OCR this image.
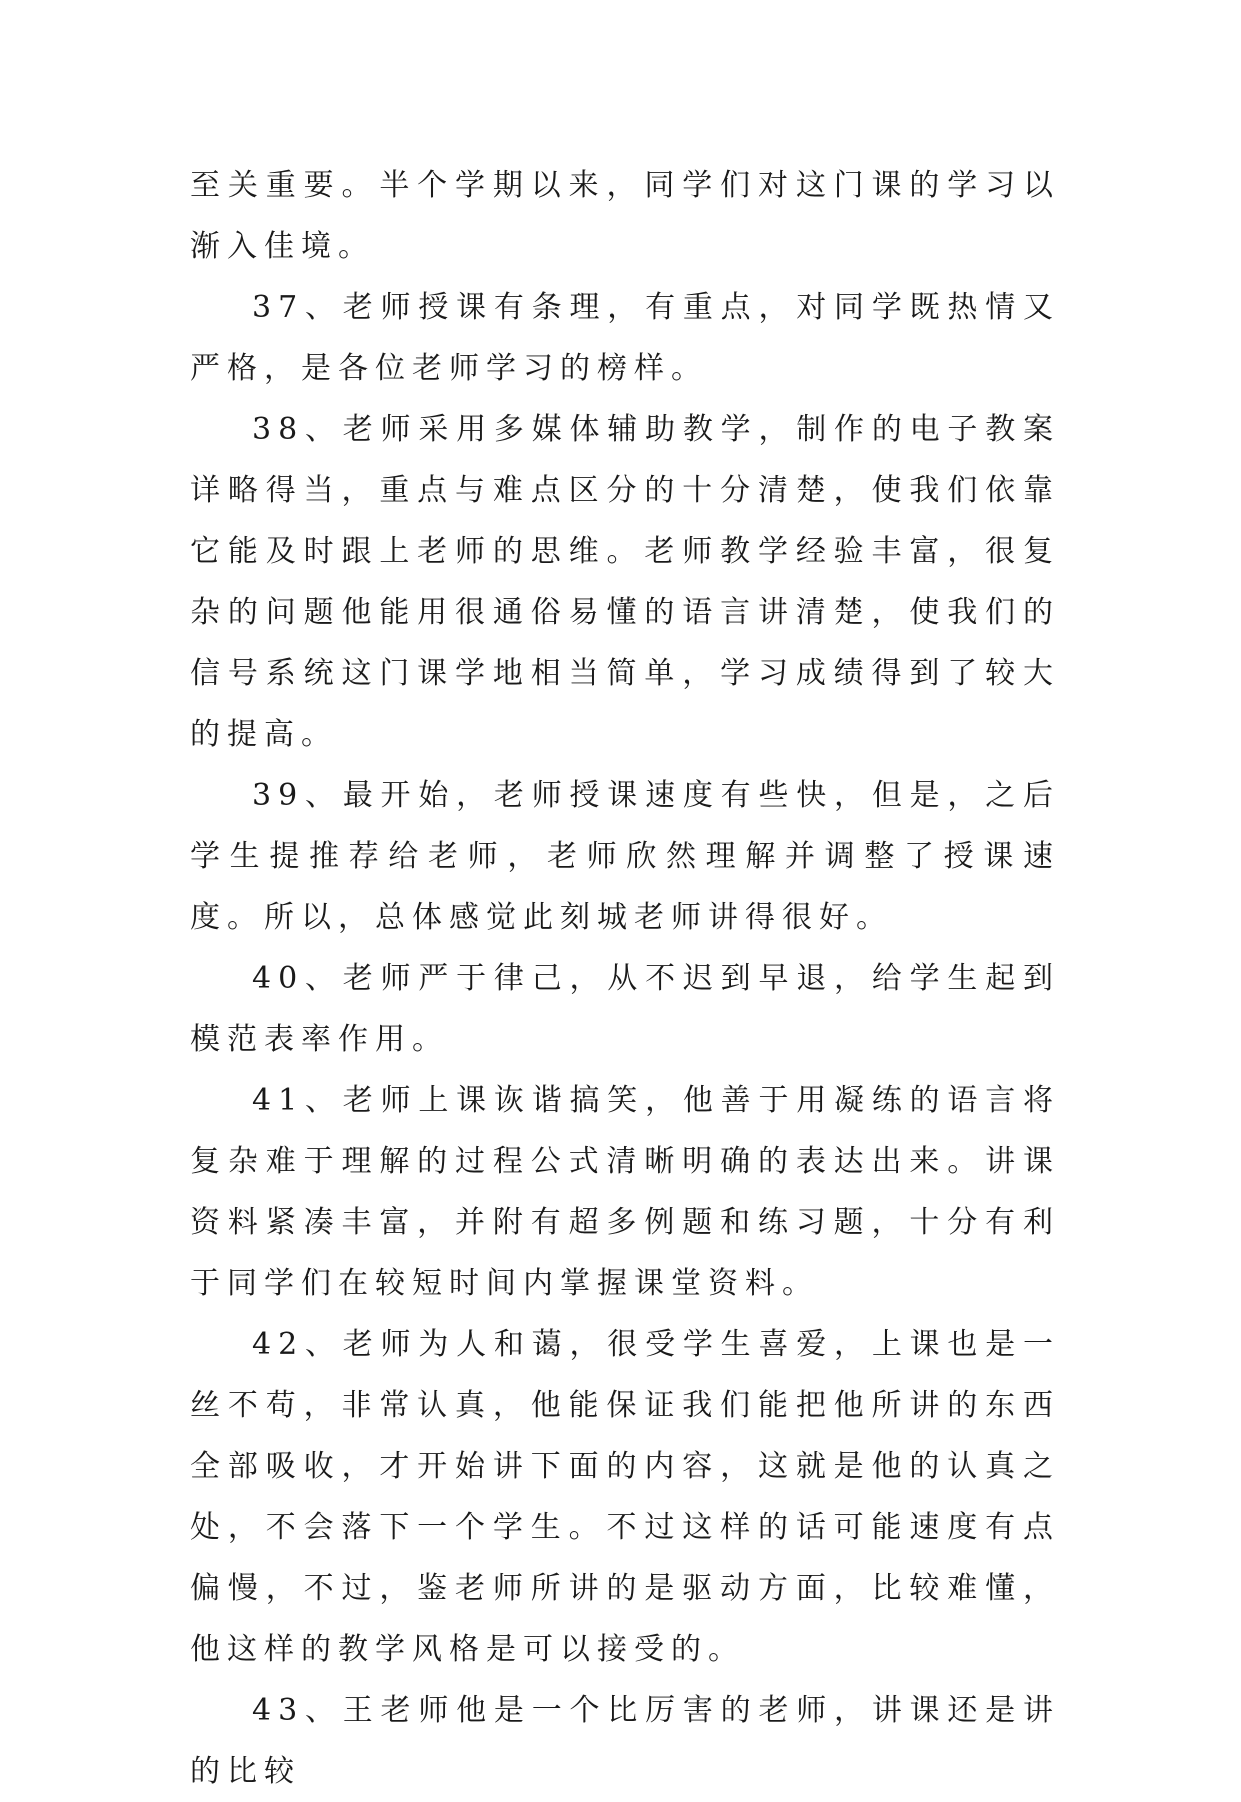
至关重要。半个学期以来，同学们对这门课的学习以渐入佳境。

37、老师授课有条理，有重点，对同学既热情又严格，是各位老师学习的榜样。

38、老师采用多媒体辅助教学，制作的电子教案详略得当，重点与难点区分的十分清楚，使我们依靠它能及时跟上老师的思维。老师教学经验丰富，很复杂的问题他能用很通俗易懂的语言讲清楚，使我们的信号系统这门课学地相当简单，学习成绩得到了较大的提高。

39、最开始，老师授课速度有些快，但是，之后学生提推荐给老师，老师欣然理解并调整了授课速度。所以，总体感觉此刻城老师讲得很好。

40、老师严于律己，从不迟到早退，给学生起到模范表率作用。

41、老师上课诙谐搞笑，他善于用凝练的语言将复杂难于理解的过程公式清晰明确的表达出来。讲课资料紧凑丰富，并附有超多例题和练习题，十分有利于同学们在较短时间内掌握课堂资料。

42、老师为人和蔼，很受学生喜爱，上课也是一丝不苟，非常认真，他能保证我们能把他所讲的东西全部吸收，才开始讲下面的内容，这就是他的认真之处，不会落下一个学生。不过这样的话可能速度有点偏慢，不过，鉴老师所讲的是驱动方面，比较难懂，他这样的教学风格是可以接受的。

43、王老师他是一个比厉害的老师，讲课还是讲的比较
